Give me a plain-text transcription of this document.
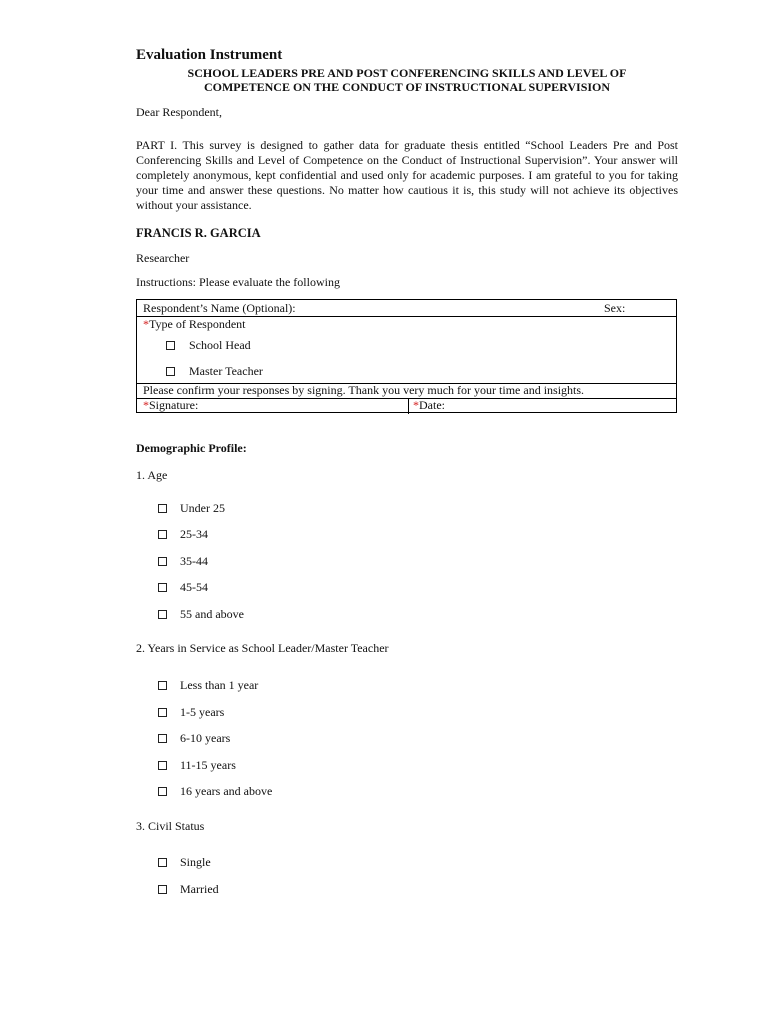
Evaluation Instrument
SCHOOL LEADERS PRE AND POST CONFERENCING SKILLS AND LEVEL OF
COMPETENCE ON THE CONDUCT OF INSTRUCTIONAL SUPERVISION
Dear Respondent,
PART I. This survey is designed to gather data for graduate thesis entitled “School Leaders Pre and Post Conferencing Skills and Level of Competence on the Conduct of Instructional Supervision”. Your answer will completely anonymous, kept confidential and used only for academic purposes. I am grateful to you for taking your time and answer these questions. No matter how cautious it is, this study will not achieve its objectives without your assistance.
FRANCIS R. GARCIA
Researcher
Instructions: Please evaluate the following
Respondent’s Name (Optional):	Sex:
*Type of Respondent
School Head
Master Teacher
Please confirm your responses by signing. Thank you very much for your time and insights.
*Signature:	*Date:
Demographic Profile:
1. Age
Under 25
25-34
35-44
45-54
55 and above
2. Years in Service as School Leader/Master Teacher
Less than 1 year
1-5 years
6-10 years
11-15 years
16 years and above
3. Civil Status
Single
Married
